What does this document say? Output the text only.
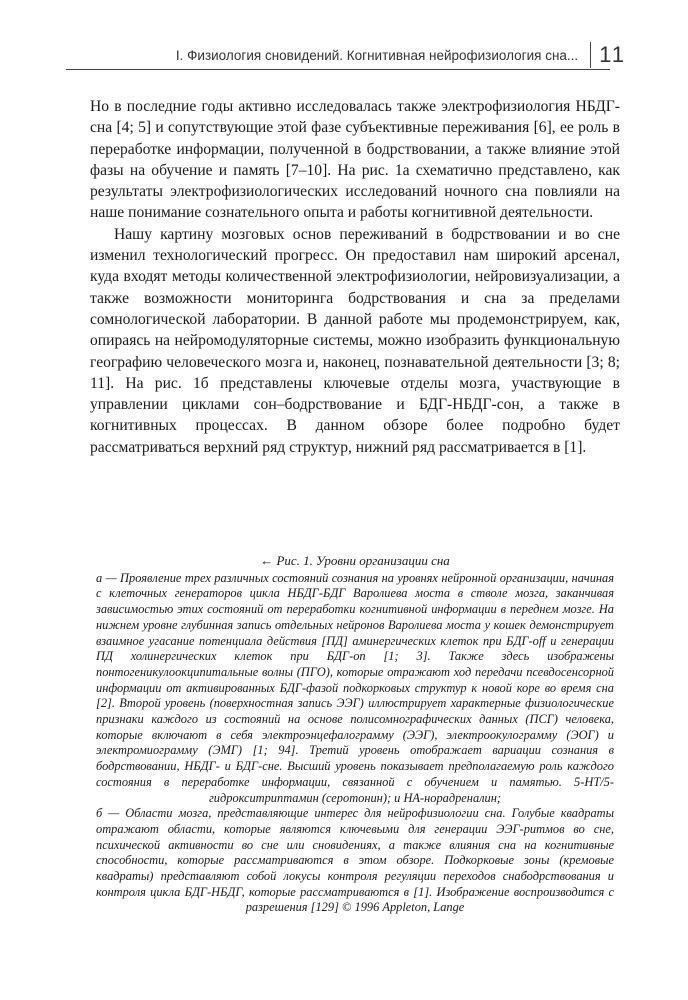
I. Физиология сновидений. Когнитивная нейрофизиология сна... 11

Но в последние годы активно исследовалась также электрофизиология НБДГ-сна [4; 5] и сопутствующие этой фазе субъективные переживания [6], ее роль в переработке информации, полученной в бодрствовании, а также влияние этой фазы на обучение и память [7–10]. На рис. 1а схематично представлено, как результаты электрофизиологических исследований ночного сна повлияли на наше понимание сознательного опыта и работы когнитивной деятельности.

Нашу картину мозговых основ переживаний в бодрствовании и во сне изменил технологический прогресс. Он предоставил нам широкий арсенал, куда входят методы количественной электрофизиологии, нейровизуализации, а также возможности мониторинга бодрствования и сна за пределами сомнологической лаборатории. В данной работе мы продемонстрируем, как, опираясь на нейромодуляторные системы, можно изобразить функциональную географию человеческого мозга и, наконец, познавательной деятельности [3; 8; 11]. На рис. 1б представлены ключевые отделы мозга, участвующие в управлении циклами сон–бодрствование и БДГ-НБДГ-сон, а также в когнитивных процессах. В данном обзоре более подробно будет рассматриваться верхний ряд структур, нижний ряд рассматривается в [1].

← Рис. 1. Уровни организации сна

а — Проявление трех различных состояний сознания на уровнях нейронной организации, начиная с клеточных генераторов цикла НБДГ-БДГ Варолиева моста в стволе мозга, заканчивая зависимостью этих состояний от переработки когнитивной информации в переднем мозге. На нижнем уровне глубинная запись отдельных нейронов Варолиева моста у кошек демонстрирует взаимное угасание потенциала действия [ПД] аминергических клеток при БДГ-off и генерации ПД холинергических клеток при БДГ-on [1; 3]. Также здесь изображены понтогеникулоокципитальные волны (ПГО), которые отражают ход передачи псевдосенсорной информации от активированных БДГ-фазой подкорковых структур к новой коре во время сна [2]. Второй уровень (поверхностная запись ЭЭГ) иллюстрирует характерные физиологические признаки каждого из состояний на основе полисомнографических данных (ПСГ) человека, которые включают в себя электроэнцефалограмму (ЭЭГ), электроокулограмму (ЭОГ) и электромиограмму (ЭМГ) [1; 94]. Третий уровень отображает вариации сознания в бодрствовании, НБДГ- и БДГ-сне. Высший уровень показывает предполагаемую роль каждого состояния в переработке информации, связанной с обучением и памятью. 5-НТ/5-гидрокситриптамин (серотонин); и НА-норадреналин;

б — Области мозга, представляющие интерес для нейрофизиологии сна. Голубые квадраты отражают области, которые являются ключевыми для генерации ЭЭГ-ритмов во сне, психической активности во сне или сновидениях, а также влияния сна на когнитивные способности, которые рассматриваются в этом обзоре. Подкорковые зоны (кремовые квадраты) представляют собой локусы контроля регуляции переходов снабодрствования и контроля цикла БДГ-НБДГ, которые рассматриваются в [1]. Изображение воспроизводится с разрешения [129] © 1996 Appleton, Lange
